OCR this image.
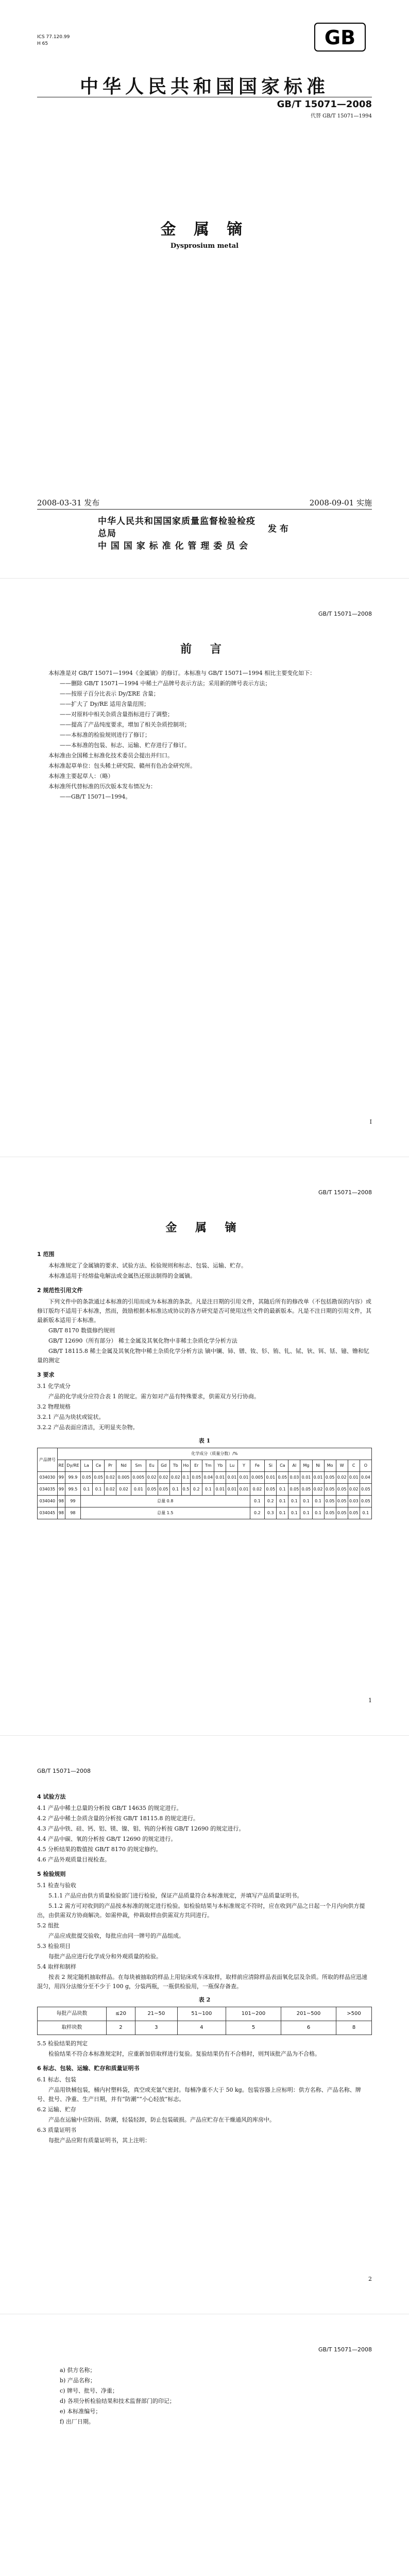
ICS 77.120.99
H 65	GB
中华人民共和国国家标准
GB/T 15071—2008
代替 GB/T 15071—1994
金 属 镝
Dysprosium metal
2008-03-31 发布	2008-09-01 实施
中华人民共和国国家质量监督检验检疫总局
中 国 国 家 标 准 化 管 理 委 员 会
发 布
GB/T 15071—2008
前 言

本标准是对 GB/T 15071—1994《金属镝》的修订。本标准与 GB/T 15071—1994 相比主要变化如下：

——删除 GB/T 15071—1994 中稀土产品牌号表示方法；采用新的牌号表示方法；

——按原子百分比表示 Dy/ΣRE 含量；

——扩大了 Dy/RE 适用含量范围；

——对原料中相关杂质含量指标进行了调整；

——提高了产品纯度要求，增加了相关杂质控制项；

——本标准的检验规则进行了修订；

——本标准的包装、标志、运输、贮存进行了修订。

本标准由全国稀土标准化技术委员会提出并归口。

本标准起草单位：包头稀土研究院、赣州有色冶金研究所。

本标准主要起草人：（略）

本标准所代替标准的历次版本发布情况为：

——GB/T 15071—1994。

I
GB/T 15071—2008
金 属 镝

1 范围

本标准规定了金属镝的要求、试验方法、检验规则和标志、包装、运输、贮存。

本标准适用于经熔盐电解法或金属热还原法制得的金属镝。

2 规范性引用文件

下列文件中的条款通过本标准的引用而成为本标准的条款。凡是注日期的引用文件，其随后所有的修改单（不包括勘误的内容）或修订版均不适用于本标准，然而，鼓励根据本标准达成协议的各方研究是否可使用这些文件的最新版本。凡是不注日期的引用文件，其最新版本适用于本标准。

GB/T 8170 数值修约规则

GB/T 12690（所有部分） 稀土金属及其氧化物中非稀土杂质化学分析方法

GB/T 18115.8 稀土金属及其氧化物中稀土杂质化学分析方法 镝中镧、铈、镨、钕、钐、铕、钆、铽、钬、铒、铥、镱、镥和钇量的测定

3 要求

3.1 化学成分

产品的化学成分应符合表 1 的规定。需方如对产品有特殊要求，供需双方另行协商。

3.2 物理规格

3.2.1 产品为块状或锭状。

3.2.2 产品表面应清洁，无明显夹杂物。

表 1
产品牌号	化学成分（质量分数）/%																									
	RE	Dy/RE	La	Ce	Pr	Nd	Sm	Eu	Gd	Tb	Ho	Er	Tm	Yb	Lu	Y	Fe	Si	Ca	Al	Mg	Ni	Mo	W	C	O
034030	99	99.9	0.05	0.05	0.02	0.005	0.005	0.02	0.02	0.02	0.1	0.05	0.04	0.01	0.01	0.01	0.005	0.01	0.05	0.03	0.01	0.01	0.05	0.02	0.01	0.04
034035	99	99.5	0.1	0.1	0.02	0.02	0.01	0.05	0.05	0.1	0.5	0.2	0.1	0.01	0.01	0.01	0.02	0.05	0.1	0.05	0.05	0.02	0.05	0.05	0.02	0.05
034040	98	99	总量 0.8														0.1	0.2	0.1	0.1	0.1	0.1	0.05	0.05	0.03	0.05
034045	98	98	总量 1.5														0.2	0.3	0.1	0.1	0.1	0.1	0.05	0.05	0.05	0.1
1
GB/T 15071—2008

4 试验方法

4.1 产品中稀土总量的分析按 GB/T 14635 的规定进行。

4.2 产品中稀土杂质含量的分析按 GB/T 18115.8 的规定进行。

4.3 产品中铁、硅、钙、铝、镁、镍、钼、钨的分析按 GB/T 12690 的规定进行。

4.4 产品中碳、氧的分析按 GB/T 12690 的规定进行。

4.5 分析结果的数值按 GB/T 8170 的规定修约。

4.6 产品外观质量目视检查。

5 检验规则

5.1 检查与验收

5.1.1 产品应由供方质量检验部门进行检验，保证产品质量符合本标准规定，并填写产品质量证明书。

5.1.2 需方可对收到的产品按本标准的规定进行检验。如检验结果与本标准规定不符时，应在收到产品之日起一个月内向供方提出，由供需双方协商解决。如需仲裁，仲裁取样由供需双方共同进行。

5.2 组批

产品应成批提交验收，每批应由同一牌号的产品组成。

5.3 检验项目

每批产品应进行化学成分和外观质量的检验。

5.4 取样和制样

按表 2 规定随机抽取样品。在每块被抽取的样品上用钻床或车床取样，取样前应清除样品表面氧化层及杂质。所取的样品应迅速混匀，用四分法缩分至不少于 100 g，分装两瓶，一瓶供检验用，一瓶保存备查。

表 2
每批产品块数	≤20	21~50	51~100	101~200	201~500	>500
取样块数	2	3	4	5	6	8

5.5 检验结果的判定

检验结果不符合本标准规定时，应重新加倍取样进行复验。复验结果仍有不合格时，则判该批产品为不合格。

6 标志、包装、运输、贮存和质量证明书

6.1 标志、包装

产品用铁桶包装，桶内衬塑料袋，真空或充氩气密封。每桶净重不大于 50 kg。包装容器上应标明：供方名称、产品名称、牌号、批号、净重、生产日期，并有“防潮”“小心轻放”标志。

6.2 运输、贮存

产品在运输中应防雨、防潮，轻装轻卸，防止包装破损。产品应贮存在干燥通风的库房中。

6.3 质量证明书

每批产品应附有质量证明书，其上注明：

2
GB/T 15071—2008

a) 供方名称；

b) 产品名称；

c) 牌号、批号、净重；

d) 各项分析检验结果和技术监督部门的印记；

e) 本标准编号；

f) 出厂日期。
